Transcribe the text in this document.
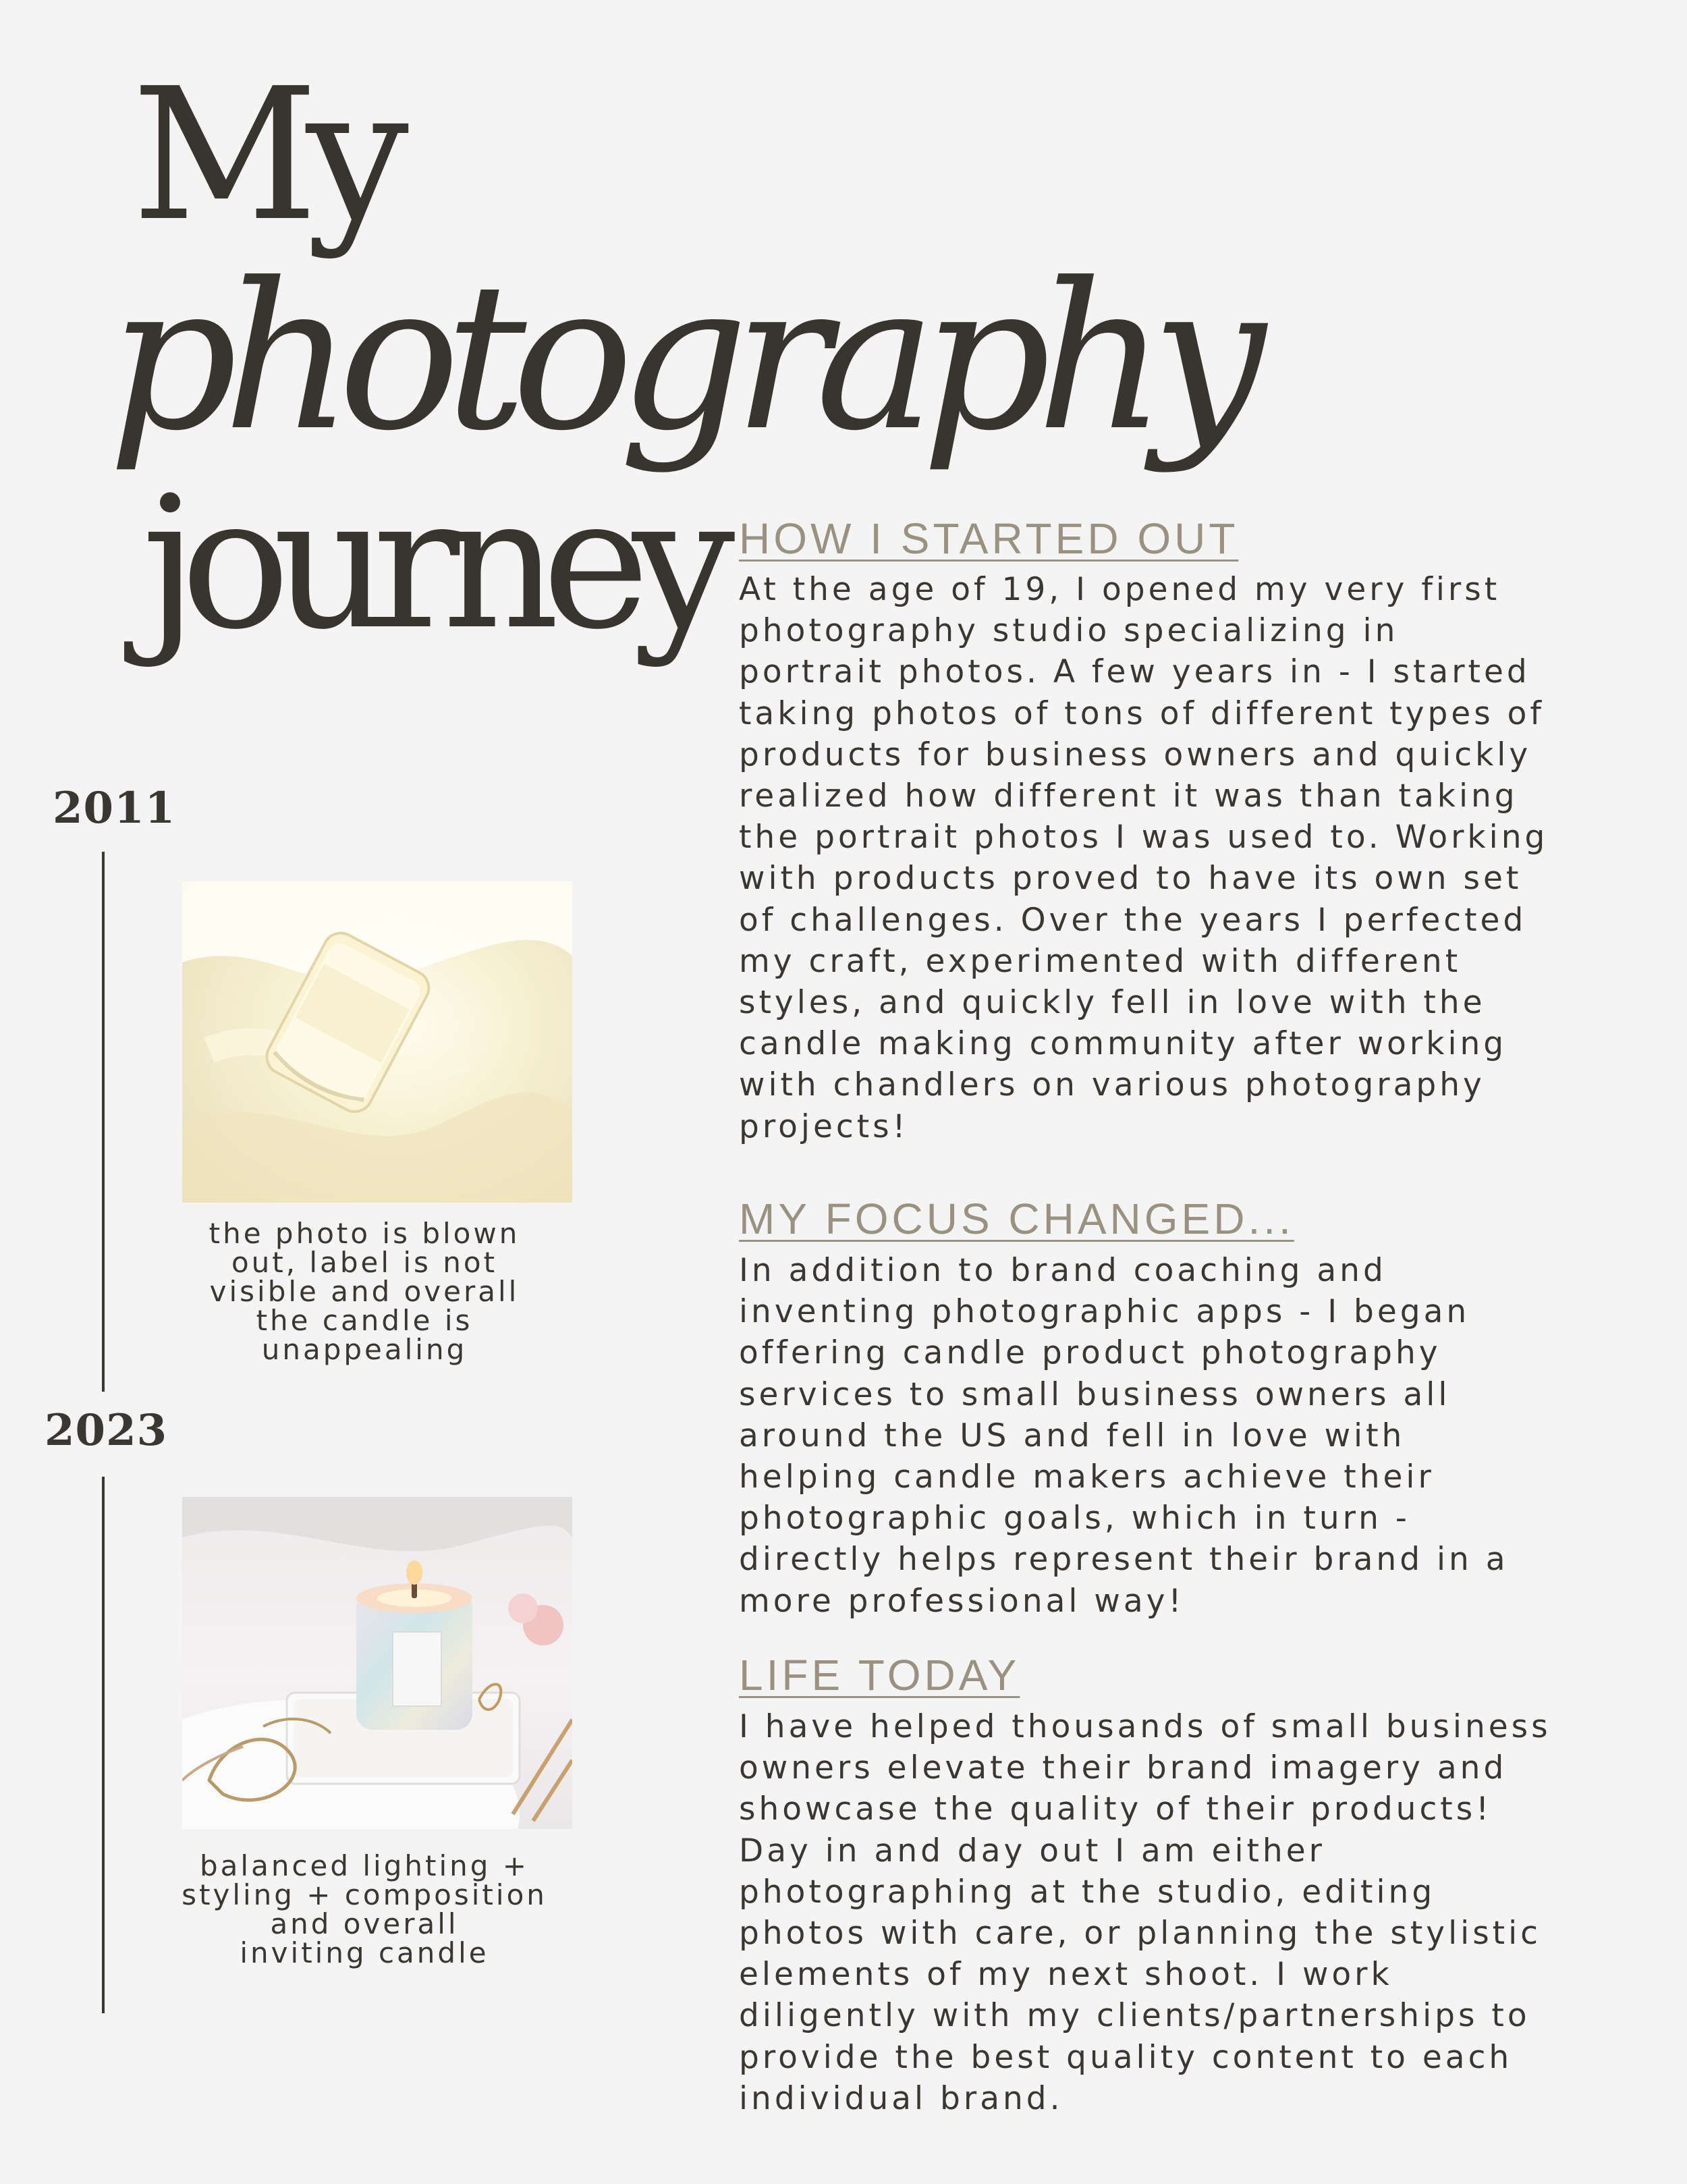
My
photography
journey
2011
the photo is blown
out, label is not
visible and overall
the candle is
unappealing
2023
balanced lighting +
styling + composition
and overall
inviting candle
HOW I STARTED OUT
At the age of 19, I opened my very first
photography studio specializing in
portrait photos. A few years in - I started
taking photos of tons of different types of
products for business owners and quickly
realized how different it was than taking
the portrait photos I was used to. Working
with products proved to have its own set
of challenges. Over the years I perfected
my craft, experimented with different
styles, and quickly fell in love with the
candle making community after working
with chandlers on various photography
projects!
MY FOCUS CHANGED...
In addition to brand coaching and
inventing photographic apps - I began
offering candle product photography
services to small business owners all
around the US and fell in love with
helping candle makers achieve their
photographic goals, which in turn -
directly helps represent their brand in a
more professional way!
LIFE TODAY
I have helped thousands of small business
owners elevate their brand imagery and
showcase the quality of their products!
Day in and day out I am either
photographing at the studio, editing
photos with care, or planning the stylistic
elements of my next shoot. I work
diligently with my clients/partnerships to
provide the best quality content to each
individual brand.
